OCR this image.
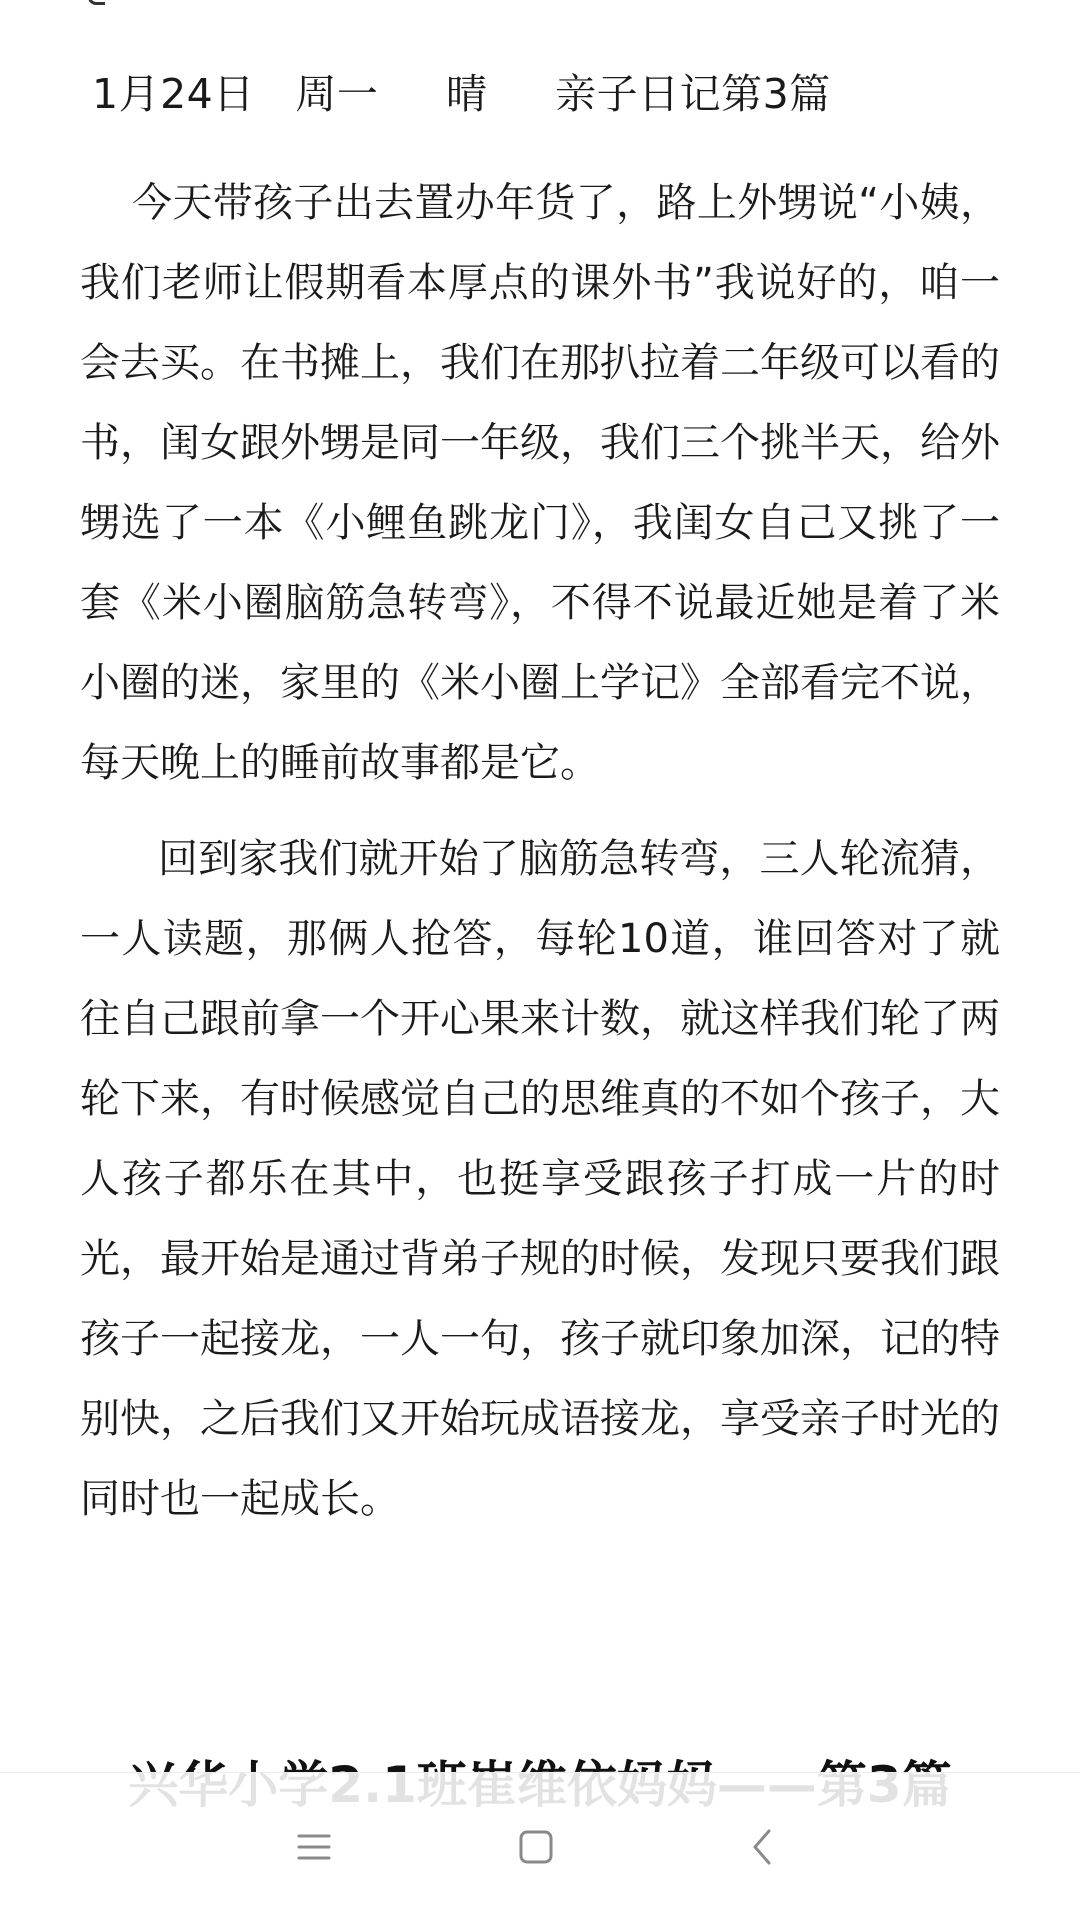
1月24日   周一     晴     亲子日记第3篇

今天带孩子出去置办年货了，路上外甥说“小姨，我们老师让假期看本厚点的课外书”我说好的，咱一会去买。在书摊上，我们在那扒拉着二年级可以看的书，闺女跟外甥是同一年级，我们三个挑半天，给外甥选了一本《小鲤鱼跳龙门》，我闺女自己又挑了一套《米小圈脑筋急转弯》，不得不说最近她是着了米小圈的迷，家里的《米小圈上学记》全部看完不说，每天晚上的睡前故事都是它。

回到家我们就开始了脑筋急转弯，三人轮流猜，一人读题，那俩人抢答，每轮10道，谁回答对了就往自己跟前拿一个开心果来计数，就这样我们轮了两轮下来，有时候感觉自己的思维真的不如个孩子，大人孩子都乐在其中，也挺享受跟孩子打成一片的时光，最开始是通过背弟子规的时候，发现只要我们跟孩子一起接龙，一人一句，孩子就印象加深，记的特别快，之后我们又开始玩成语接龙，享受亲子时光的同时也一起成长。
